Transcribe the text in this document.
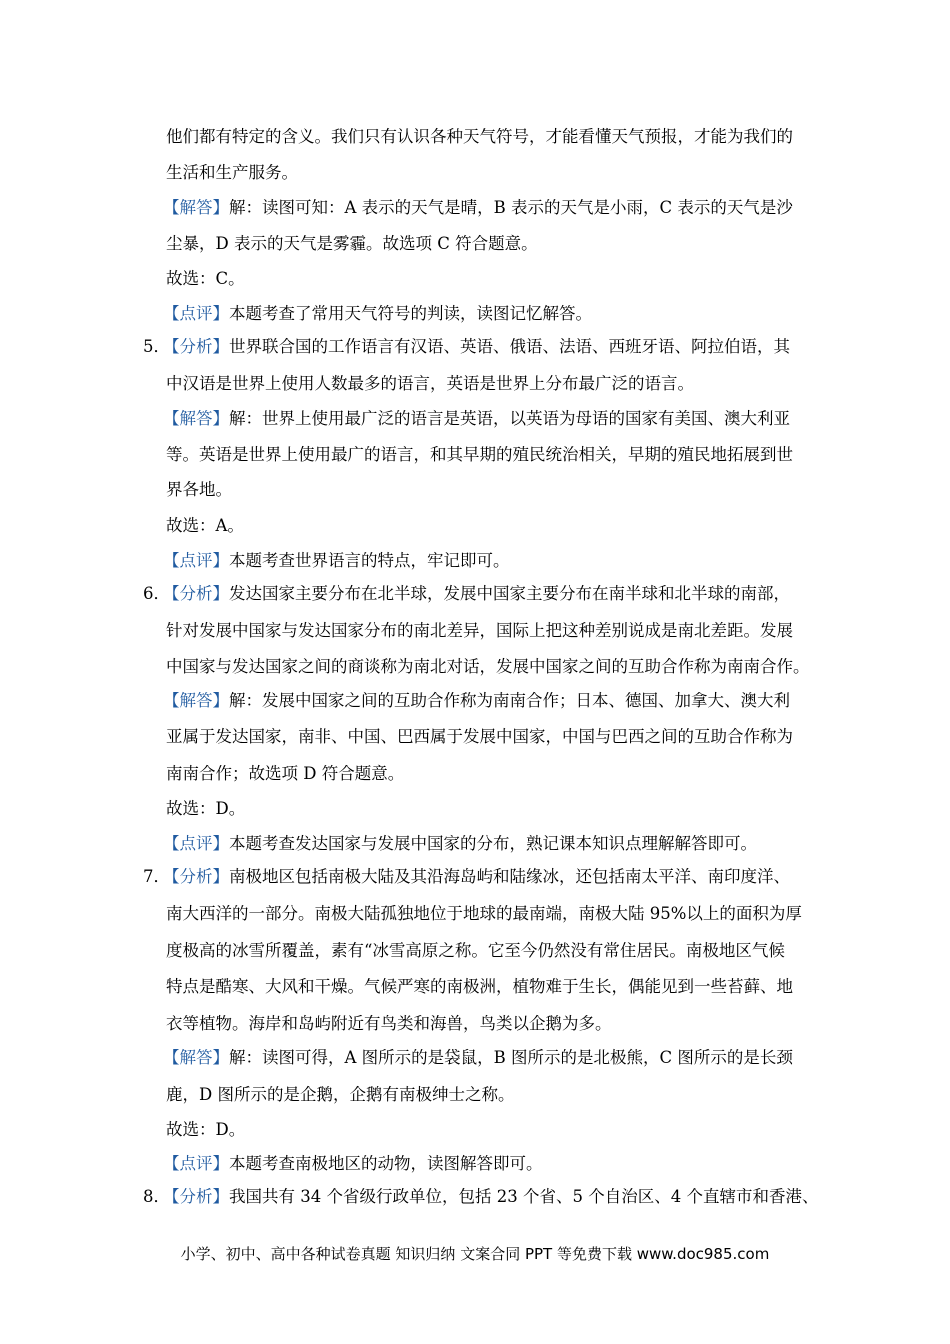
他们都有特定的含义。我们只有认识各种天气符号，才能看懂天气预报，才能为我们的
生活和生产服务。
【解答】解：读图可知：A 表示的天气是晴，B 表示的天气是小雨，C 表示的天气是沙
尘暴，D 表示的天气是雾霾。故选项 C 符合题意。
故选：C。
【点评】本题考查了常用天气符号的判读，读图记忆解答。
5．
【分析】世界联合国的工作语言有汉语、英语、俄语、法语、西班牙语、阿拉伯语，其
中汉语是世界上使用人数最多的语言，英语是世界上分布最广泛的语言。
【解答】解：世界上使用最广泛的语言是英语，以英语为母语的国家有美国、澳大利亚
等。英语是世界上使用最广的语言，和其早期的殖民统治相关，早期的殖民地拓展到世
界各地。
故选：A。
【点评】本题考查世界语言的特点，牢记即可。
6．
【分析】发达国家主要分布在北半球，发展中国家主要分布在南半球和北半球的南部，
针对发展中国家与发达国家分布的南北差异，国际上把这种差别说成是南北差距。发展
中国家与发达国家之间的商谈称为南北对话，发展中国家之间的互助合作称为南南合作。
【解答】解：发展中国家之间的互助合作称为南南合作；日本、德国、加拿大、澳大利
亚属于发达国家，南非、中国、巴西属于发展中国家，中国与巴西之间的互助合作称为
南南合作；故选项 D 符合题意。
故选：D。
【点评】本题考查发达国家与发展中国家的分布，熟记课本知识点理解解答即可。
7．
【分析】南极地区包括南极大陆及其沿海岛屿和陆缘冰，还包括南太平洋、南印度洋、
南大西洋的一部分。南极大陆孤独地位于地球的最南端，南极大陆 95%以上的面积为厚
度极高的冰雪所覆盖，素有“冰雪高原之称。它至今仍然没有常住居民。南极地区气候
特点是酷寒、大风和干燥。气候严寒的南极洲，植物难于生长，偶能见到一些苔藓、地
衣等植物。海岸和岛屿附近有鸟类和海兽，鸟类以企鹅为多。
【解答】解：读图可得，A 图所示的是袋鼠，B 图所示的是北极熊，C 图所示的是长颈
鹿，D 图所示的是企鹅，企鹅有南极绅士之称。
故选：D。
【点评】本题考查南极地区的动物，读图解答即可。
8．
【分析】我国共有 34 个省级行政单位，包括 23 个省、5 个自治区、4 个直辖市和香港、
小学、初中、高中各种试卷真题 知识归纳 文案合同 PPT 等免费下载 www.doc985.com
